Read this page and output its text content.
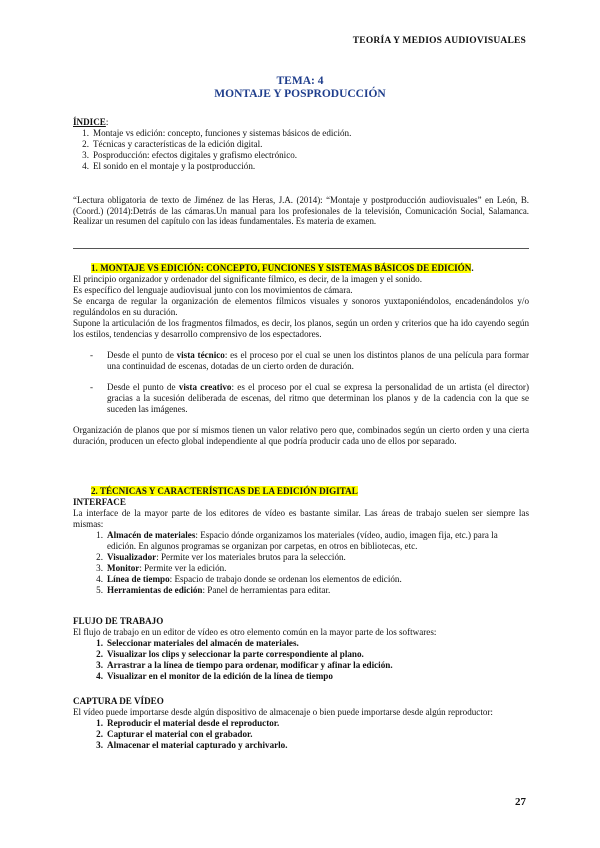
TEORÍA Y MEDIOS AUDIOVISUALES
TEMA: 4
MONTAJE Y POSPRODUCCIÓN
ÍNDICE:
1. Montaje vs edición: concepto, funciones y sistemas básicos de edición.
2. Técnicas y características de la edición digital.
3. Posproducción: efectos digitales y grafismo electrónico.
4. El sonido en el montaje y la postproducción.
“Lectura obligatoria de texto de Jiménez de las Heras, J.A. (2014): “Montaje y postproducción audiovisuales” en León, B.(Coord.) (2014):Detrás de las cámaras.Un manual para los profesionales de la televisión, Comunicación Social, Salamanca. Realizar un resumen del capítulo con las ideas fundamentales. Es materia de examen.
1. MONTAJE VS EDICIÓN: CONCEPTO, FUNCIONES Y SISTEMAS BÁSICOS DE EDICIÓN.
El principio organizador y ordenador del significante fílmico, es decir, de la imagen y el sonido.
Es específico del lenguaje audiovisual junto con los movimientos de cámara.
Se encarga de regular la organización de elementos fílmicos visuales y sonoros yuxtaponiéndolos, encadenándolos y/o regulándolos en su duración.
Supone la articulación de los fragmentos filmados, es decir, los planos, según un orden y criterios que ha ido cayendo según los estilos, tendencias y desarrollo comprensivo de los espectadores.
- Desde el punto de vista técnico: es el proceso por el cual se unen los distintos planos de una película para formar una continuidad de escenas, dotadas de un cierto orden de duración.
- Desde el punto de vista creativo: es el proceso por el cual se expresa la personalidad de un artista (el director) gracias a la sucesión deliberada de escenas, del ritmo que determinan los planos y de la cadencia con la que se suceden las imágenes.
Organización de planos que por sí mismos tienen un valor relativo pero que, combinados según un cierto orden y una cierta duración, producen un efecto global independiente al que podría producir cada uno de ellos por separado.
2. TÉCNICAS Y CARACTERÍSTICAS DE LA EDICIÓN DIGITAL
INTERFACE
La interface de la mayor parte de los editores de vídeo es bastante similar. Las áreas de trabajo suelen ser siempre las mismas:
1. Almacén de materiales: Espacio dónde organizamos los materiales (vídeo, audio, imagen fija, etc.) para la edición. En algunos programas se organizan por carpetas, en otros en bibliotecas, etc.
2. Visualizador: Permite ver los materiales brutos para la selección.
3. Monitor: Permite ver la edición.
4. Línea de tiempo: Espacio de trabajo donde se ordenan los elementos de edición.
5. Herramientas de edición: Panel de herramientas para editar.
FLUJO DE TRABAJO
El flujo de trabajo en un editor de vídeo es otro elemento común en la mayor parte de los softwares:
1. Seleccionar materiales del almacén de materiales.
2. Visualizar los clips y seleccionar la parte correspondiente al plano.
3. Arrastrar a la línea de tiempo para ordenar, modificar y afinar la edición.
4. Visualizar en el monitor de la edición de la línea de tiempo
CAPTURA DE VÍDEO
El vídeo puede importarse desde algún dispositivo de almacenaje o bien puede importarse desde algún reproductor:
1. Reproducir el material desde el reproductor.
2. Capturar el material con el grabador.
3. Almacenar el material capturado y archivarlo.
27
